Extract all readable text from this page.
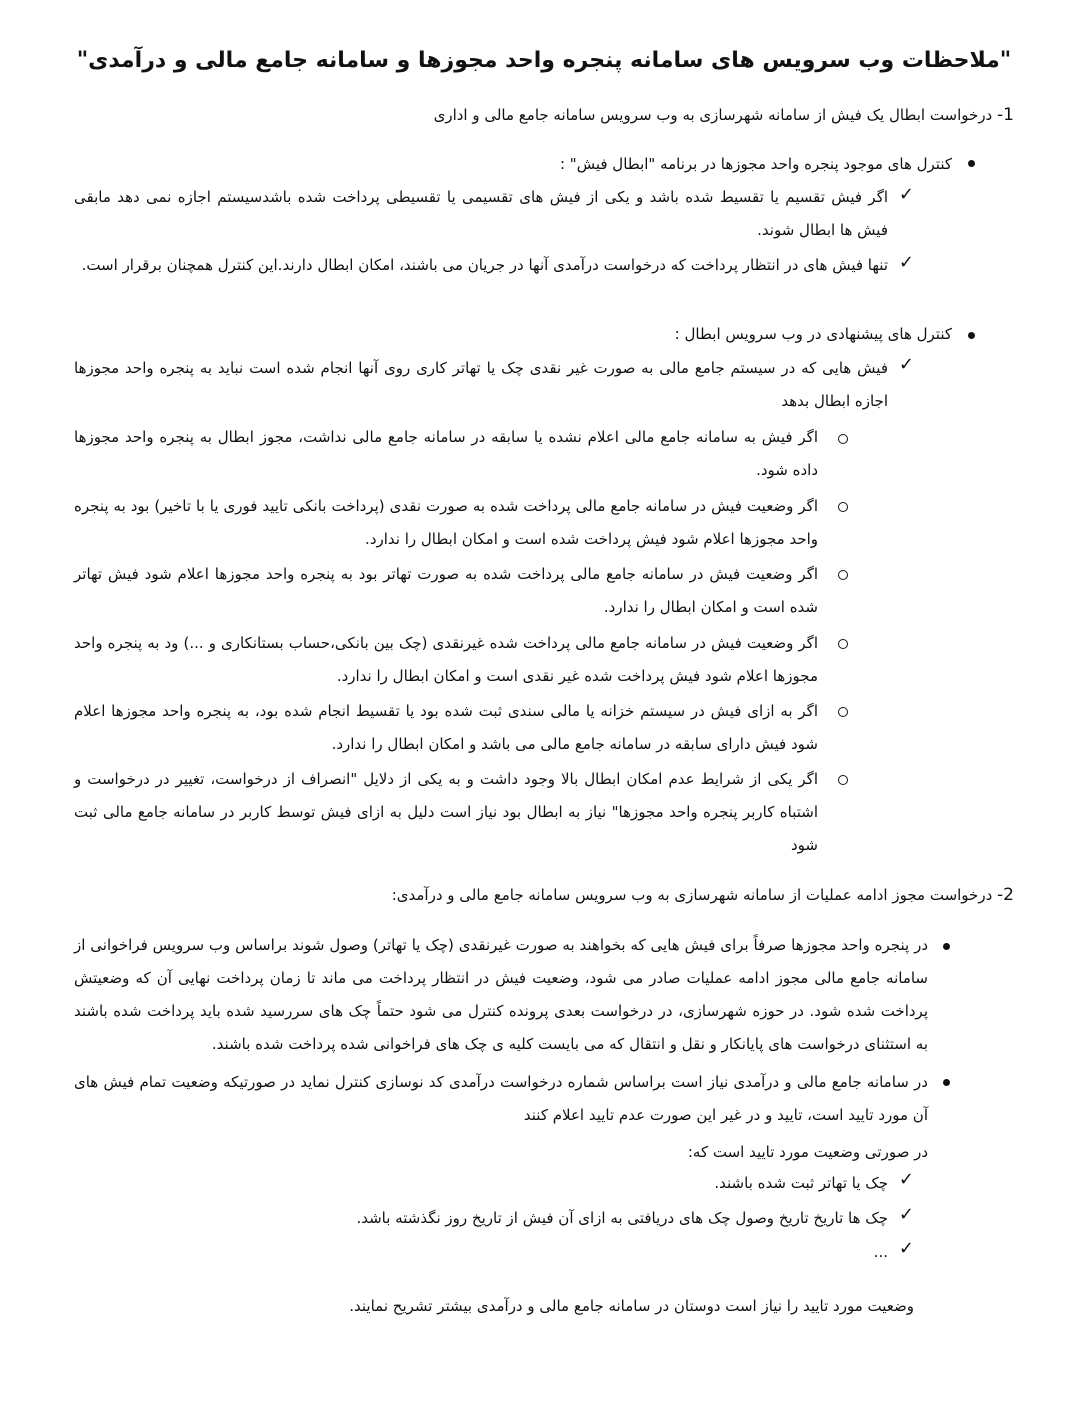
"ملاحظات وب سرویس های سامانه پنجره واحد مجوزها و سامانه جامع مالی و درآمدی"
1- درخواست ابطال یک فیش از سامانه شهرسازی به وب سرویس سامانه جامع مالی و اداری
کنترل های موجود پنجره واحد مجوزها در برنامه "ابطال فیش" :
✓
اگر فیش تقسیم یا تقسیط شده باشد و یکی از فیش های تقسیمی یا تقسیطی پرداخت شده باشدسیستم اجازه نمی دهد مابقی فیش ها ابطال شوند.
✓
تنها فیش های در انتظار پرداخت که درخواست درآمدی آنها در جریان می باشند، امکان ابطال دارند.این کنترل همچنان برقرار است.
کنترل های پیشنهادی در وب سرویس ابطال :
✓
فیش هایی که در سیستم جامع مالی به صورت غیر نقدی چک یا تهاتر کاری روی آنها انجام شده است نباید به پنجره واحد مجوزها اجازه ابطال بدهد
اگر فیش به سامانه جامع مالی اعلام نشده یا سابقه در سامانه جامع مالی نداشت، مجوز ابطال به پنجره واحد مجوزها داده شود.
اگر وضعیت فیش در سامانه جامع مالی پرداخت شده به صورت نقدی (پرداخت بانکی تایید فوری یا با تاخیر) بود به پنجره واحد مجوزها اعلام شود فیش پرداخت شده است و امکان ابطال را ندارد.
اگر وضعیت فیش در سامانه جامع مالی پرداخت شده به صورت تهاتر بود به پنجره واحد مجوزها اعلام شود فیش تهاتر شده است و امکان ابطال را ندارد.
اگر وضعیت فیش در سامانه جامع مالی پرداخت شده غیرنقدی (چک بین بانکی،حساب بستانکاری و ...) ود به پنجره واحد مجوزها اعلام شود فیش پرداخت شده غیر نقدی است و امکان ابطال را ندارد.
اگر به ازای فیش در سیستم خزانه یا مالی سندی ثبت شده بود یا تقسیط انجام شده بود، به پنجره واحد مجوزها اعلام شود فیش دارای سابقه در سامانه جامع مالی می باشد و امکان ابطال را ندارد.
اگر یکی از شرایط عدم امکان ابطال بالا وجود داشت و به یکی از دلایل "انصراف از درخواست، تغییر در درخواست و اشتباه کاربر پنجره واحد مجوزها" نیاز به ابطال بود نیاز است دلیل به ازای فیش توسط کاربر در سامانه جامع مالی ثبت شود
2- درخواست مجوز ادامه عملیات از سامانه شهرسازی به وب سرویس سامانه جامع مالی و درآمدی:
در پنجره واحد مجوزها صرفاً برای فیش هایی که بخواهند به صورت غیرنقدی (چک یا تهاتر) وصول شوند براساس وب سرویس فراخوانی از سامانه جامع مالی مجوز ادامه عملیات صادر می شود، وضعیت فیش در انتظار پرداخت می ماند تا زمان پرداخت نهایی آن که وضعیتش پرداخت شده شود. در حوزه شهرسازی، در درخواست بعدی پرونده کنترل می شود حتماً چک های سررسید شده باید پرداخت شده باشند به استثنای درخواست های پایانکار و نقل و انتقال که می بایست کلیه ی چک های فراخوانی شده پرداخت شده باشند.
در سامانه جامع مالی و درآمدی نیاز است براساس شماره درخواست درآمدی کد نوسازی کنترل نماید در صورتیکه وضعیت تمام فیش های آن مورد تایید است، تایید و در غیر این صورت عدم تایید اعلام کنند
در صورتی وضعیت مورد تایید است که:
✓
چک یا تهاتر ثبت شده باشند.
✓
چک ها تاریخ تاریخ وصول چک های دریافتی به ازای آن فیش از تاریخ روز نگذشته باشد.
✓
...
وضعیت مورد تایید را نیاز است دوستان در سامانه جامع مالی و درآمدی بیشتر تشریح نمایند.
